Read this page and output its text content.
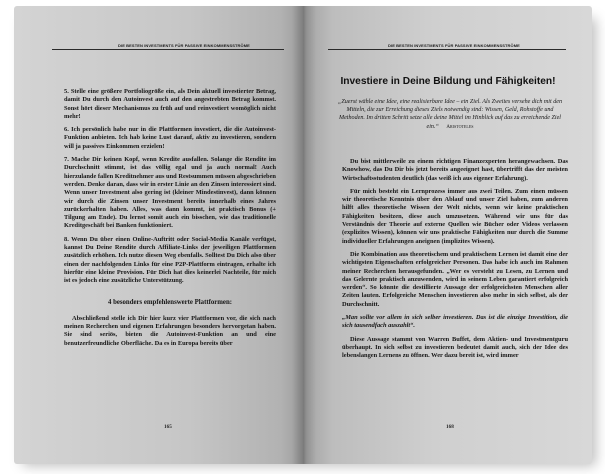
DIE BESTEN INVESTMENTS FÜR PASSIVE EINKOMMENSSTRÖME

5. Stelle eine größere Portfoliogröße ein, als Dein aktuell investierter Betrag, damit Du durch den Autoinvest auch auf den angestrebten Betrag kommst. Sonst hört dieser Mechanismus zu früh auf und reinvestiert womöglich nicht mehr!

6. Ich persönlich habe nur in die Plattformen investiert, die die Autoinvest-Funktion anbieten. Ich hab keine Lust darauf, aktiv zu investieren, sondern will ja passives Einkommen erzielen!

7. Mache Dir keinen Kopf, wenn Kredite ausfallen. Solange die Rendite im Durchschnitt stimmt, ist das völlig egal und ja auch normal! Auch hierzulande fallen Kreditnehmer aus und Restsummen müssen abgeschrieben werden. Denke daran, dass wir in erster Linie an den Zinsen interessiert sind. Wenn unser Investment also gering ist (kleiner Mindestinvest), dann können wir durch die Zinsen unser Investment bereits innerhalb eines Jahres zurückerhalten haben. Alles, was dann kommt, ist praktisch Bonus (+ Tilgung am Ende). Du lernst somit auch ein bisschen, wie das traditionelle Kreditgeschäft bei Banken funktioniert.

8. Wenn Du über einen Online-Auftritt oder Social-Media Kanäle verfügst, kannst Du Deine Rendite durch Affiliate-Links der jeweiligen Plattformen zusätzlich erhöhen. Ich nutze diesen Weg ebenfalls. Solltest Du Dich also über einen der nachfolgenden Links für eine P2P-Plattform eintragen, erhalte ich hierfür eine kleine Provision. Für Dich hat dies keinerlei Nachteile, für mich ist es jedoch eine zusätzliche Unterstützung.

4 besonders empfehlenswerte Plattformen:

Abschließend stelle ich Dir hier kurz vier Plattformen vor, die sich nach meinen Recherchen und eigenen Erfahrungen besonders hervorgetan haben. Sie sind seriös, bieten die Autoinvest-Funktion an und eine benutzerfreundliche Oberfläche. Da es in Europa bereits über

165
DIE BESTEN INVESTMENTS FÜR PASSIVE EINKOMMENSSTRÖME
Investiere in Deine Bildung und Fähigkeiten!
„Zuerst wähle eine Idee, eine realisierbare Idee – ein Ziel. Als Zweites versehe dich mit den Mitteln, die zur Erreichung dieses Ziels notwendig sind: Wissen, Geld, Rohstoffe und Methoden. Im dritten Schritt setze alle deine Mittel im Hinblick auf das zu erreichende Ziel ein.“ Aristoteles

Du bist mittlerweile zu einem richtigen Finanzexperten herangewachsen. Das Knowhow, das Du Dir bis jetzt bereits angeeignet hast, übertrifft das der meisten Wirtschaftsstudenten deutlich (das weiß ich aus eigener Erfahrung).

Für mich besteht ein Lernprozess immer aus zwei Teilen. Zum einen müssen wir theoretische Kenntnis über den Ablauf und unser Ziel haben, zum anderen hilft alles theoretische Wissen der Welt nichts, wenn wir keine praktischen Fähigkeiten besitzen, diese auch umzusetzen. Während wir uns für das Verständnis der Theorie auf externe Quellen wie Bücher oder Videos verlassen (explizites Wissen), können wir uns praktische Fähigkeiten nur durch die Summe individueller Erfahrungen aneignen (implizites Wissen).

Die Kombination aus theoretischem und praktischem Lernen ist damit eine der wichtigsten Eigenschaften erfolgreicher Personen. Das habe ich auch im Rahmen meiner Recherchen herausgefunden. „Wer es versteht zu Lesen, zu Lernen und das Gelernte praktisch anzuwenden, wird in seinem Leben garantiert erfolgreich werden“. So könnte die destillierte Aussage der erfolgreichsten Menschen aller Zeiten lauten. Erfolgreiche Menschen investieren also mehr in sich selbst, als der Durchschnitt.

„Man sollte vor allem in sich selber investieren. Das ist die einzige Investition, die sich tausendfach auszahlt“.

Diese Aussage stammt von Warren Buffet, dem Aktien- und Investmentguru überhaupt. In sich selbst zu investieren bedeutet damit auch, sich der Idee des lebenslangen Lernens zu öffnen. Wer dazu bereit ist, wird immer

168
